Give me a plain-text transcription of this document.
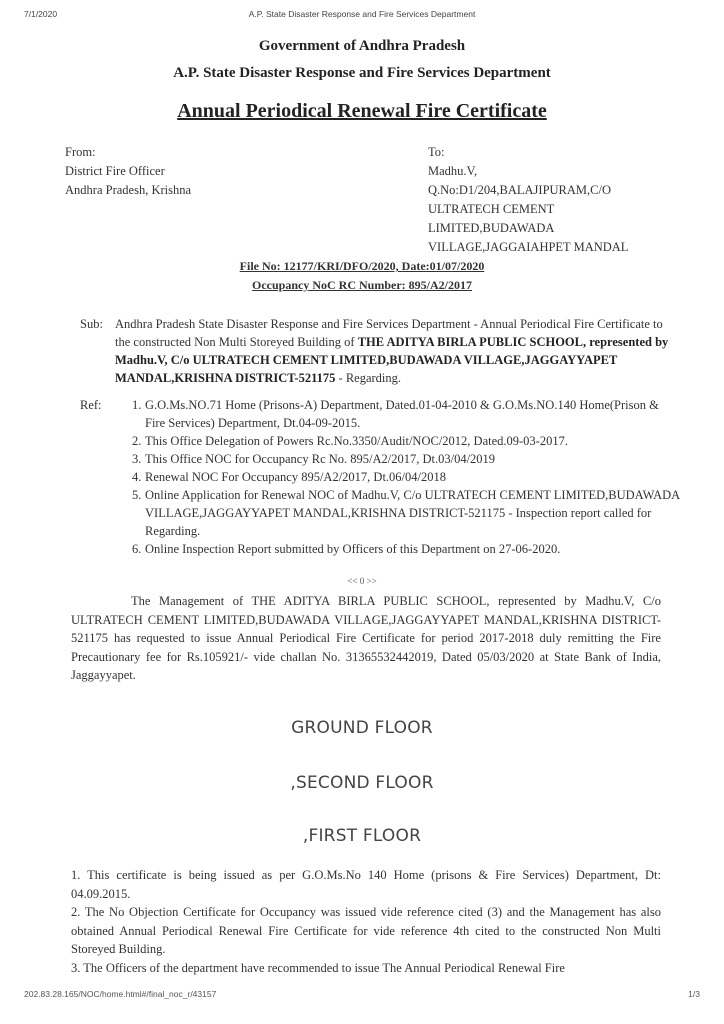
7/1/2020	A.P. State Disaster Response and Fire Services Department
Government of Andhra Pradesh
A.P. State Disaster Response and Fire Services Department
Annual Periodical Renewal Fire Certificate
From:
District Fire Officer
Andhra Pradesh, Krishna
To:
Madhu.V,
Q.No:D1/204,BALAJIPURAM,C/O
ULTRATECH CEMENT
LIMITED,BUDAWADA
VILLAGE,JAGGAIAHPET MANDAL
File No: 12177/KRI/DFO/2020, Date:01/07/2020
Occupancy NoC RC Number: 895/A2/2017
Sub: Andhra Pradesh State Disaster Response and Fire Services Department - Annual Periodical Fire Certificate to the constructed Non Multi Storeyed Building of THE ADITYA BIRLA PUBLIC SCHOOL, represented by Madhu.V, C/o ULTRATECH CEMENT LIMITED,BUDAWADA VILLAGE,JAGGAYYAPET MANDAL,KRISHNA DISTRICT-521175 - Regarding.
Ref: 1. G.O.Ms.NO.71 Home (Prisons-A) Department, Dated.01-04-2010 & G.O.Ms.NO.140 Home(Prison & Fire Services) Department, Dt.04-09-2015.
2. This Office Delegation of Powers Rc.No.3350/Audit/NOC/2012, Dated.09-03-2017.
3. This Office NOC for Occupancy Rc No. 895/A2/2017, Dt.03/04/2019
4. Renewal NOC For Occupancy 895/A2/2017, Dt.06/04/2018
5. Online Application for Renewal NOC of Madhu.V, C/o ULTRATECH CEMENT LIMITED,BUDAWADA VILLAGE,JAGGAYYAPET MANDAL,KRISHNA DISTRICT-521175 - Inspection report called for Regarding.
6. Online Inspection Report submitted by Officers of this Department on 27-06-2020.
<< 0 >>
The Management of THE ADITYA BIRLA PUBLIC SCHOOL, represented by Madhu.V, C/o ULTRATECH CEMENT LIMITED,BUDAWADA VILLAGE,JAGGAYYAPET MANDAL,KRISHNA DISTRICT-521175 has requested to issue Annual Periodical Fire Certificate for period 2017-2018 duly remitting the Fire Precautionary fee for Rs.105921/- vide challan No. 31365532442019, Dated 05/03/2020 at State Bank of India, Jaggayyapet.
GROUND FLOOR
,SECOND FLOOR
,FIRST FLOOR

1. This certificate is being issued as per G.O.Ms.No 140 Home (prisons & Fire Services) Department, Dt: 04.09.2015.

2. The No Objection Certificate for Occupancy was issued vide reference cited (3) and the Management has also obtained Annual Periodical Renewal Fire Certificate for vide reference 4th cited to the constructed Non Multi Storeyed Building.

3. The Officers of the department have recommended to issue The Annual Periodical Renewal Fire

202.83.28.165/NOC/home.html#/final_noc_r/43157	1/3
